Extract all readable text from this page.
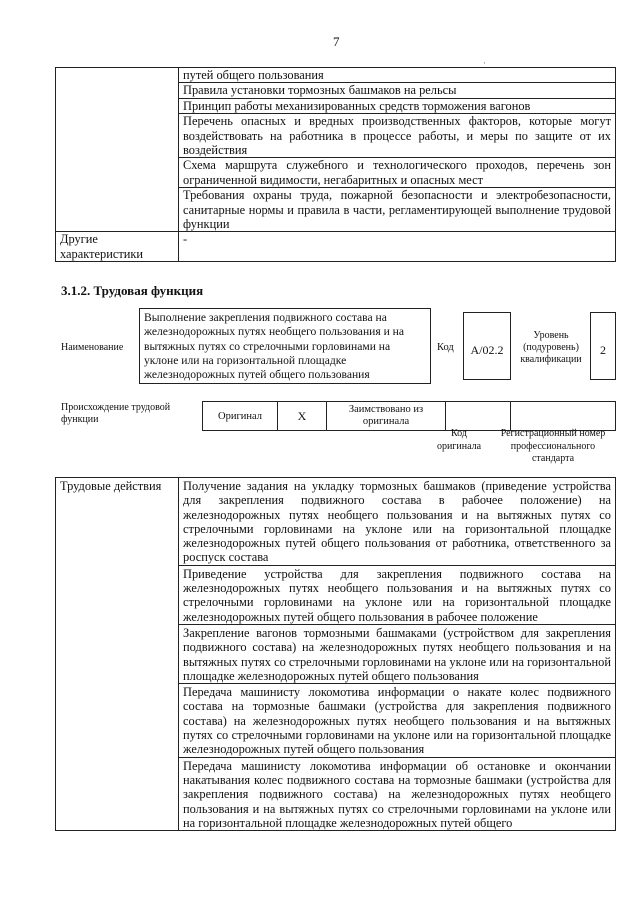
7
·
	путей общего пользования
	Правила установки тормозных башмаков на рельсы
	Принцип работы механизированных средств торможения вагонов
	Перечень опасных и вредных производственных факторов, которые могут воздействовать на работника в процессе работы, и меры по защите от их воздействия
	Схема маршрута служебного и технологического проходов, перечень зон ограниченной видимости, негабаритных и опасных мест
	Требования охраны труда, пожарной безопасности и электробезопасности, санитарные нормы и правила в части, регламентирующей выполнение трудовой функции
Другие характеристики	-
3.1.2. Трудовая функция
Наименование
Выполнение закрепления подвижного состава на железнодорожных путях необщего пользования и на вытяжных путях со стрелочными горловинами на уклоне или на горизонтальной площадке железнодорожных путей общего пользования
Код	А/02.2
Уровень (подуровень) квалификации
2
Происхождение трудовой функции	Оригинал	X	Заимствовано из оригинала		
Код оригинала
Регистрационный номер профессионального стандарта
Трудовые действия	Получение задания на укладку тормозных башмаков (приведение устройства для закрепления подвижного состава в рабочее положение) на железнодорожных путях необщего пользования и на вытяжных путях со стрелочными горловинами на уклоне или на горизонтальной площадке железнодорожных путей общего пользования от работника, ответственного за роспуск состава
Приведение устройства для закрепления подвижного состава на железнодорожных путях необщего пользования и на вытяжных путях со стрелочными горловинами на уклоне или на горизонтальной площадке железнодорожных путей общего пользования в рабочее положение
Закрепление вагонов тормозными башмаками (устройством для закрепления подвижного состава) на железнодорожных путях необщего пользования и на вытяжных путях со стрелочными горловинами на уклоне или на горизонтальной площадке железнодорожных путей общего пользования
Передача машинисту локомотива информации о накате колес подвижного состава на тормозные башмаки (устройства для закрепления подвижного состава) на железнодорожных путях необщего пользования и на вытяжных путях со стрелочными горловинами на уклоне или на горизонтальной площадке железнодорожных путей общего пользования
Передача машинисту локомотива информации об остановке и окончании накатывания колес подвижного состава на тормозные башмаки (устройства для закрепления подвижного состава) на железнодорожных путях необщего пользования и на вытяжных путях со стрелочными горловинами на уклоне или на горизонтальной площадке железнодорожных путей общего
